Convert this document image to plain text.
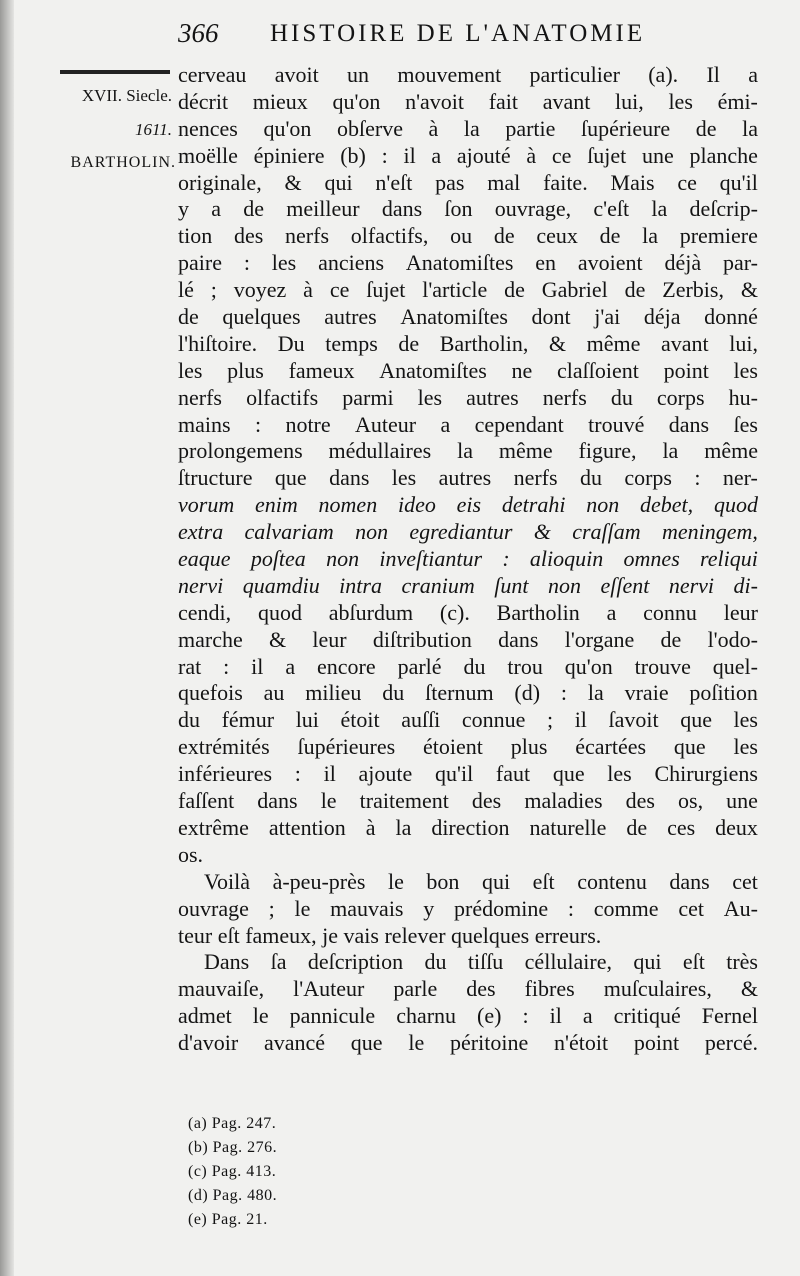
366 HISTOIRE DE L'ANATOMIE
XVII. Siecle.
1611.
BARTHOLIN.
cerveau avoit un mouvement particulier (a). Il a
décrit mieux qu'on n'avoit fait avant lui, les émi-
nences qu'on obſerve à la partie ſupérieure de la
moëlle épiniere (b) : il a ajouté à ce ſujet une planche
originale, & qui n'eſt pas mal faite. Mais ce qu'il
y a de meilleur dans ſon ouvrage, c'eſt la deſcrip-
tion des nerfs olfactifs, ou de ceux de la premiere
paire : les anciens Anatomiſtes en avoient déjà par-
lé ; voyez à ce ſujet l'article de Gabriel de Zerbis, &
de quelques autres Anatomiſtes dont j'ai déja donné
l'hiſtoire. Du temps de Bartholin, & même avant lui,
les plus fameux Anatomiſtes ne claſſoient point les
nerfs olfactifs parmi les autres nerfs du corps hu-
mains : notre Auteur a cependant trouvé dans ſes
prolongemens médullaires la même figure, la même
ſtructure que dans les autres nerfs du corps : ner-
vorum enim nomen ideo eis detrahi non debet, quod
extra calvariam non egrediantur & craſſam meningem,
eaque poſtea non inveſtiantur : alioquin omnes reliqui
nervi quamdiu intra cranium ſunt non eſſent nervi di-
cendi, quod abſurdum (c). Bartholin a connu leur
marche & leur diſtribution dans l'organe de l'odo-
rat : il a encore parlé du trou qu'on trouve quel-
quefois au milieu du ſternum (d) : la vraie poſition
du fémur lui étoit auſſi connue ; il ſavoit que les
extrémités ſupérieures étoient plus écartées que les
inférieures : il ajoute qu'il faut que les Chirurgiens
faſſent dans le traitement des maladies des os, une
extrême attention à la direction naturelle de ces deux
os.
Voilà à-peu-près le bon qui eſt contenu dans cet
ouvrage ; le mauvais y prédomine : comme cet Au-
teur eſt fameux, je vais relever quelques erreurs.
Dans ſa deſcription du tiſſu céllulaire, qui eſt très
mauvaiſe, l'Auteur parle des fibres muſculaires, &
admet le pannicule charnu (e) : il a critiqué Fernel
d'avoir avancé que le péritoine n'étoit point percé.
(a) Pag. 247.
(b) Pag. 276.
(c) Pag. 413.
(d) Pag. 480.
(e) Pag. 21.
